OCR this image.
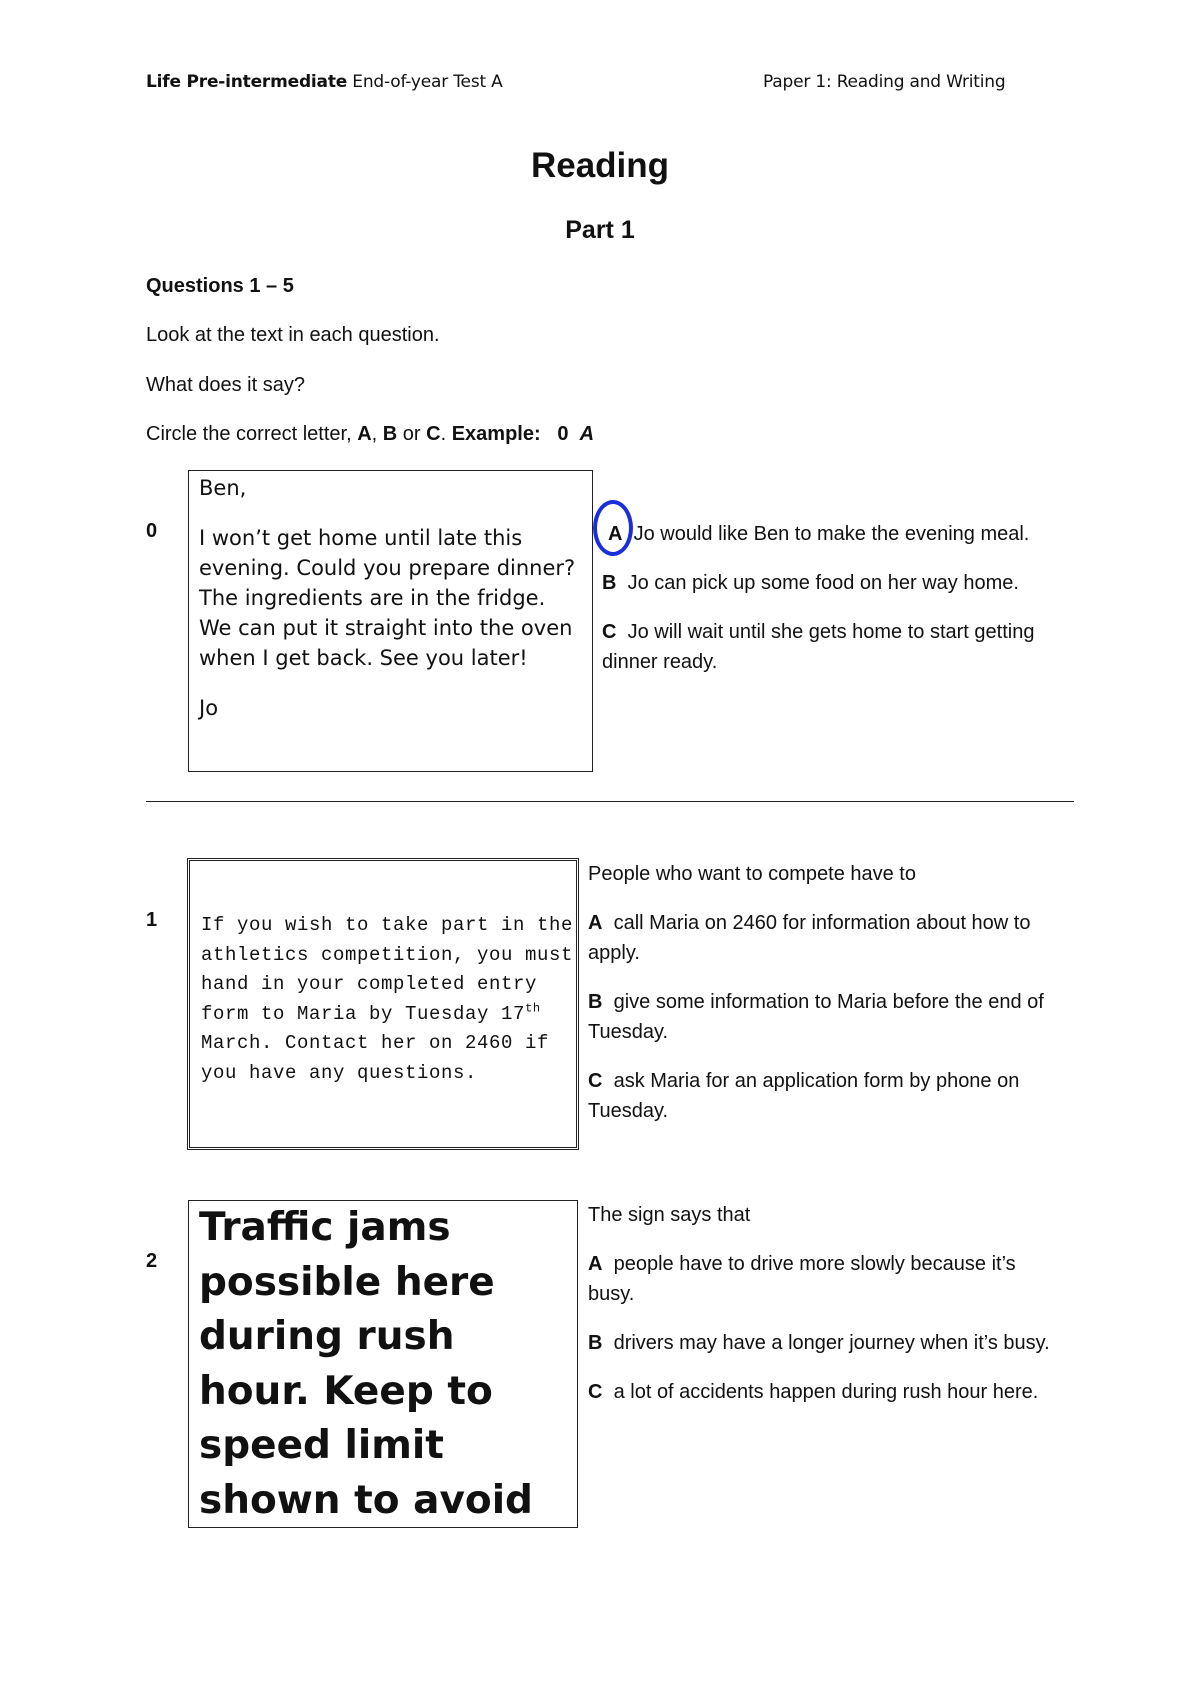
Life Pre-intermediate End-of-year Test A	Paper 1: Reading and Writing
Reading
Part 1
Questions 1 – 5
Look at the text in each question.
What does it say?
Circle the correct letter, A, B or C. Example: 0 A
0

Ben,

I won’t get home until late this evening. Could you prepare dinner? The ingredients are in the fridge. We can put it straight into the oven when I get back. See you later!

Jo

A Jo would like Ben to make the evening meal.

B Jo can pick up some food on her way home.

C Jo will wait until she gets home to start getting dinner ready.

1	If you wish to take part in the athletics competition, you must hand in your completed entry form to Maria by Tuesday 17th March. Contact her on 2460 if you have any questions.

People who want to compete have to

A call Maria on 2460 for information about how to apply.

B give some information to Maria before the end of Tuesday.

C ask Maria for an application form by phone on Tuesday.

2
Traffic jams possible here during rush hour. Keep to speed limit shown to avoid

The sign says that

A people have to drive more slowly because it’s busy.

B drivers may have a longer journey when it’s busy.

C a lot of accidents happen during rush hour here.
